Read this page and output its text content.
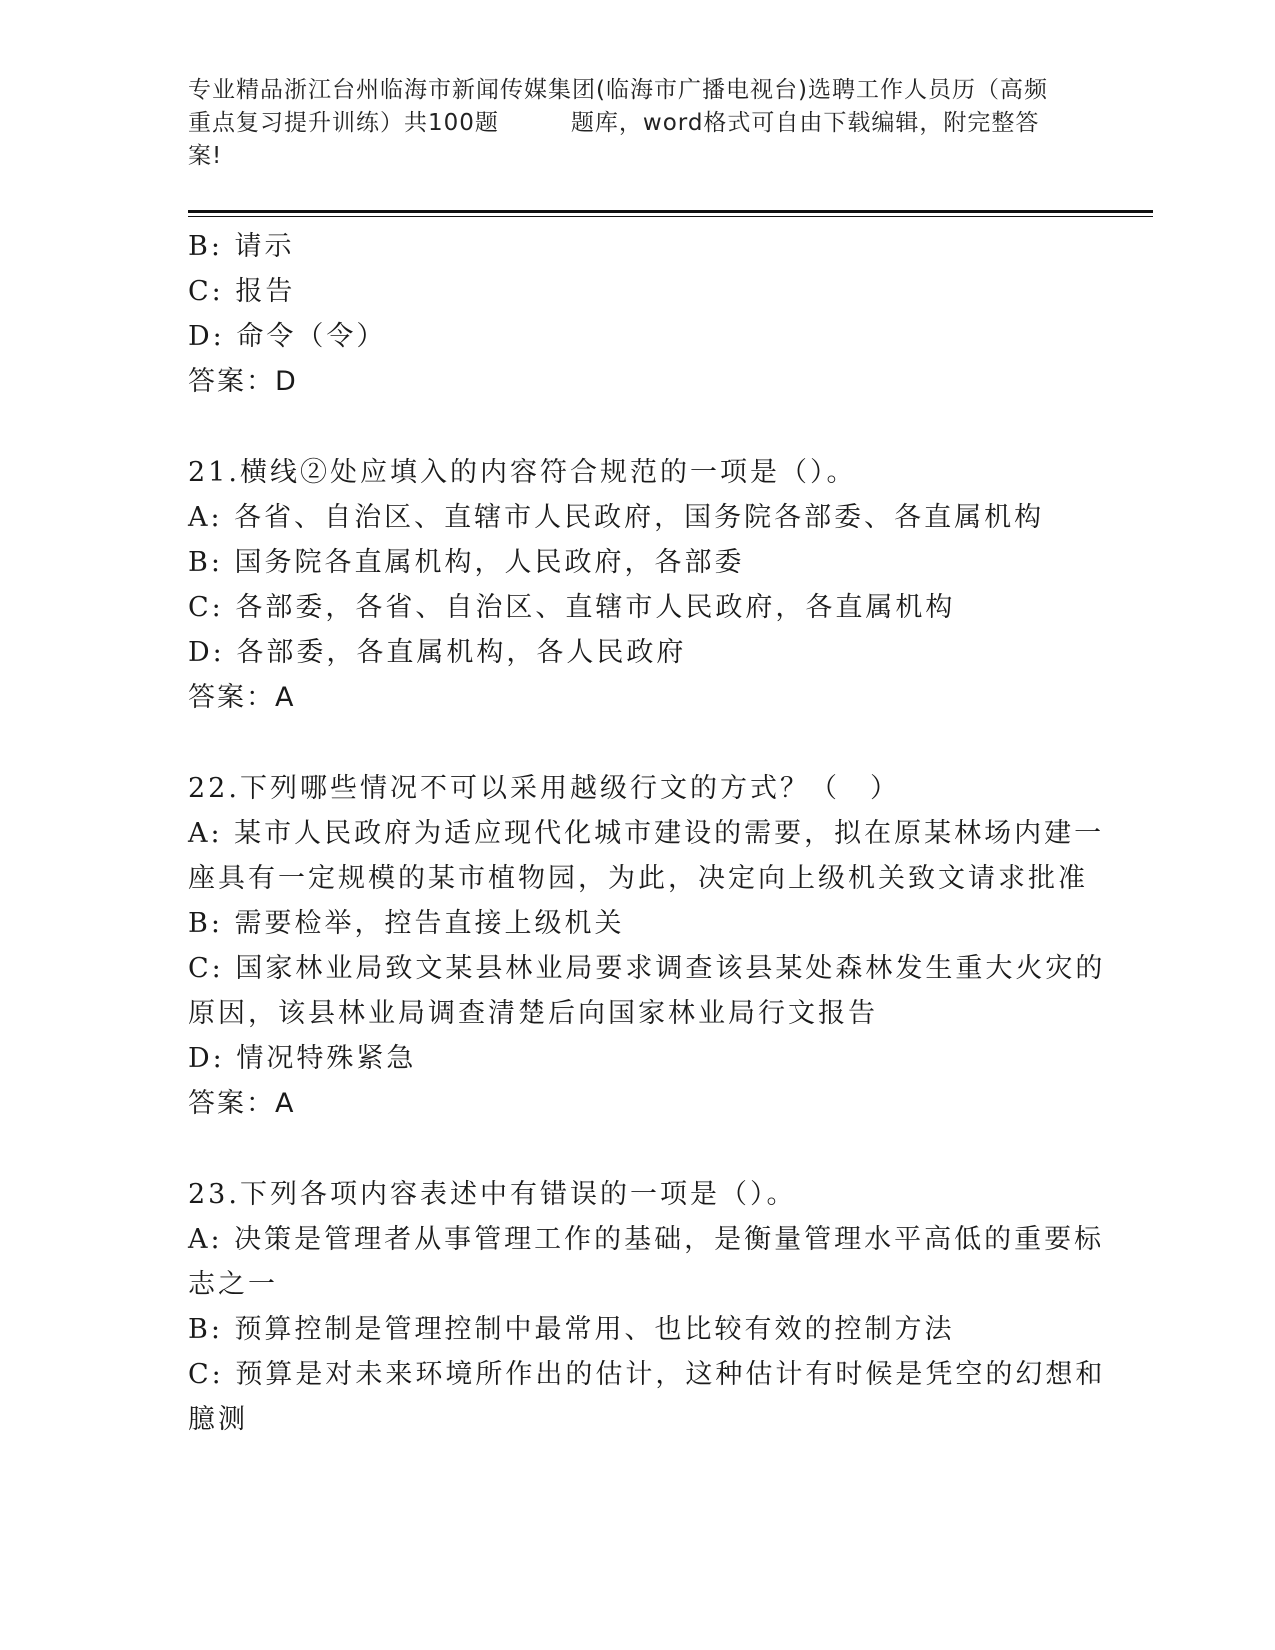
专业精品浙江台州临海市新闻传媒集团(临海市广播电视台)选聘工作人员历（高频
重点复习提升训练）共100题　　　题库，word格式可自由下载编辑，附完整答
案!
B: 请示
C: 报告
D: 命令（令）
答案：D
21.横线②处应填入的内容符合规范的一项是（）。
A: 各省、自治区、直辖市人民政府，国务院各部委、各直属机构
B: 国务院各直属机构，人民政府，各部委
C: 各部委，各省、自治区、直辖市人民政府，各直属机构
D: 各部委，各直属机构，各人民政府
答案：A
22.下列哪些情况不可以采用越级行文的方式？（　）
A: 某市人民政府为适应现代化城市建设的需要，拟在原某林场内建一
座具有一定规模的某市植物园，为此，决定向上级机关致文请求批准
B: 需要检举，控告直接上级机关
C: 国家林业局致文某县林业局要求调查该县某处森林发生重大火灾的
原因，该县林业局调查清楚后向国家林业局行文报告
D: 情况特殊紧急
答案：A
23.下列各项内容表述中有错误的一项是（）。
A: 决策是管理者从事管理工作的基础，是衡量管理水平高低的重要标
志之一
B: 预算控制是管理控制中最常用、也比较有效的控制方法
C: 预算是对未来环境所作出的估计，这种估计有时候是凭空的幻想和
臆测
